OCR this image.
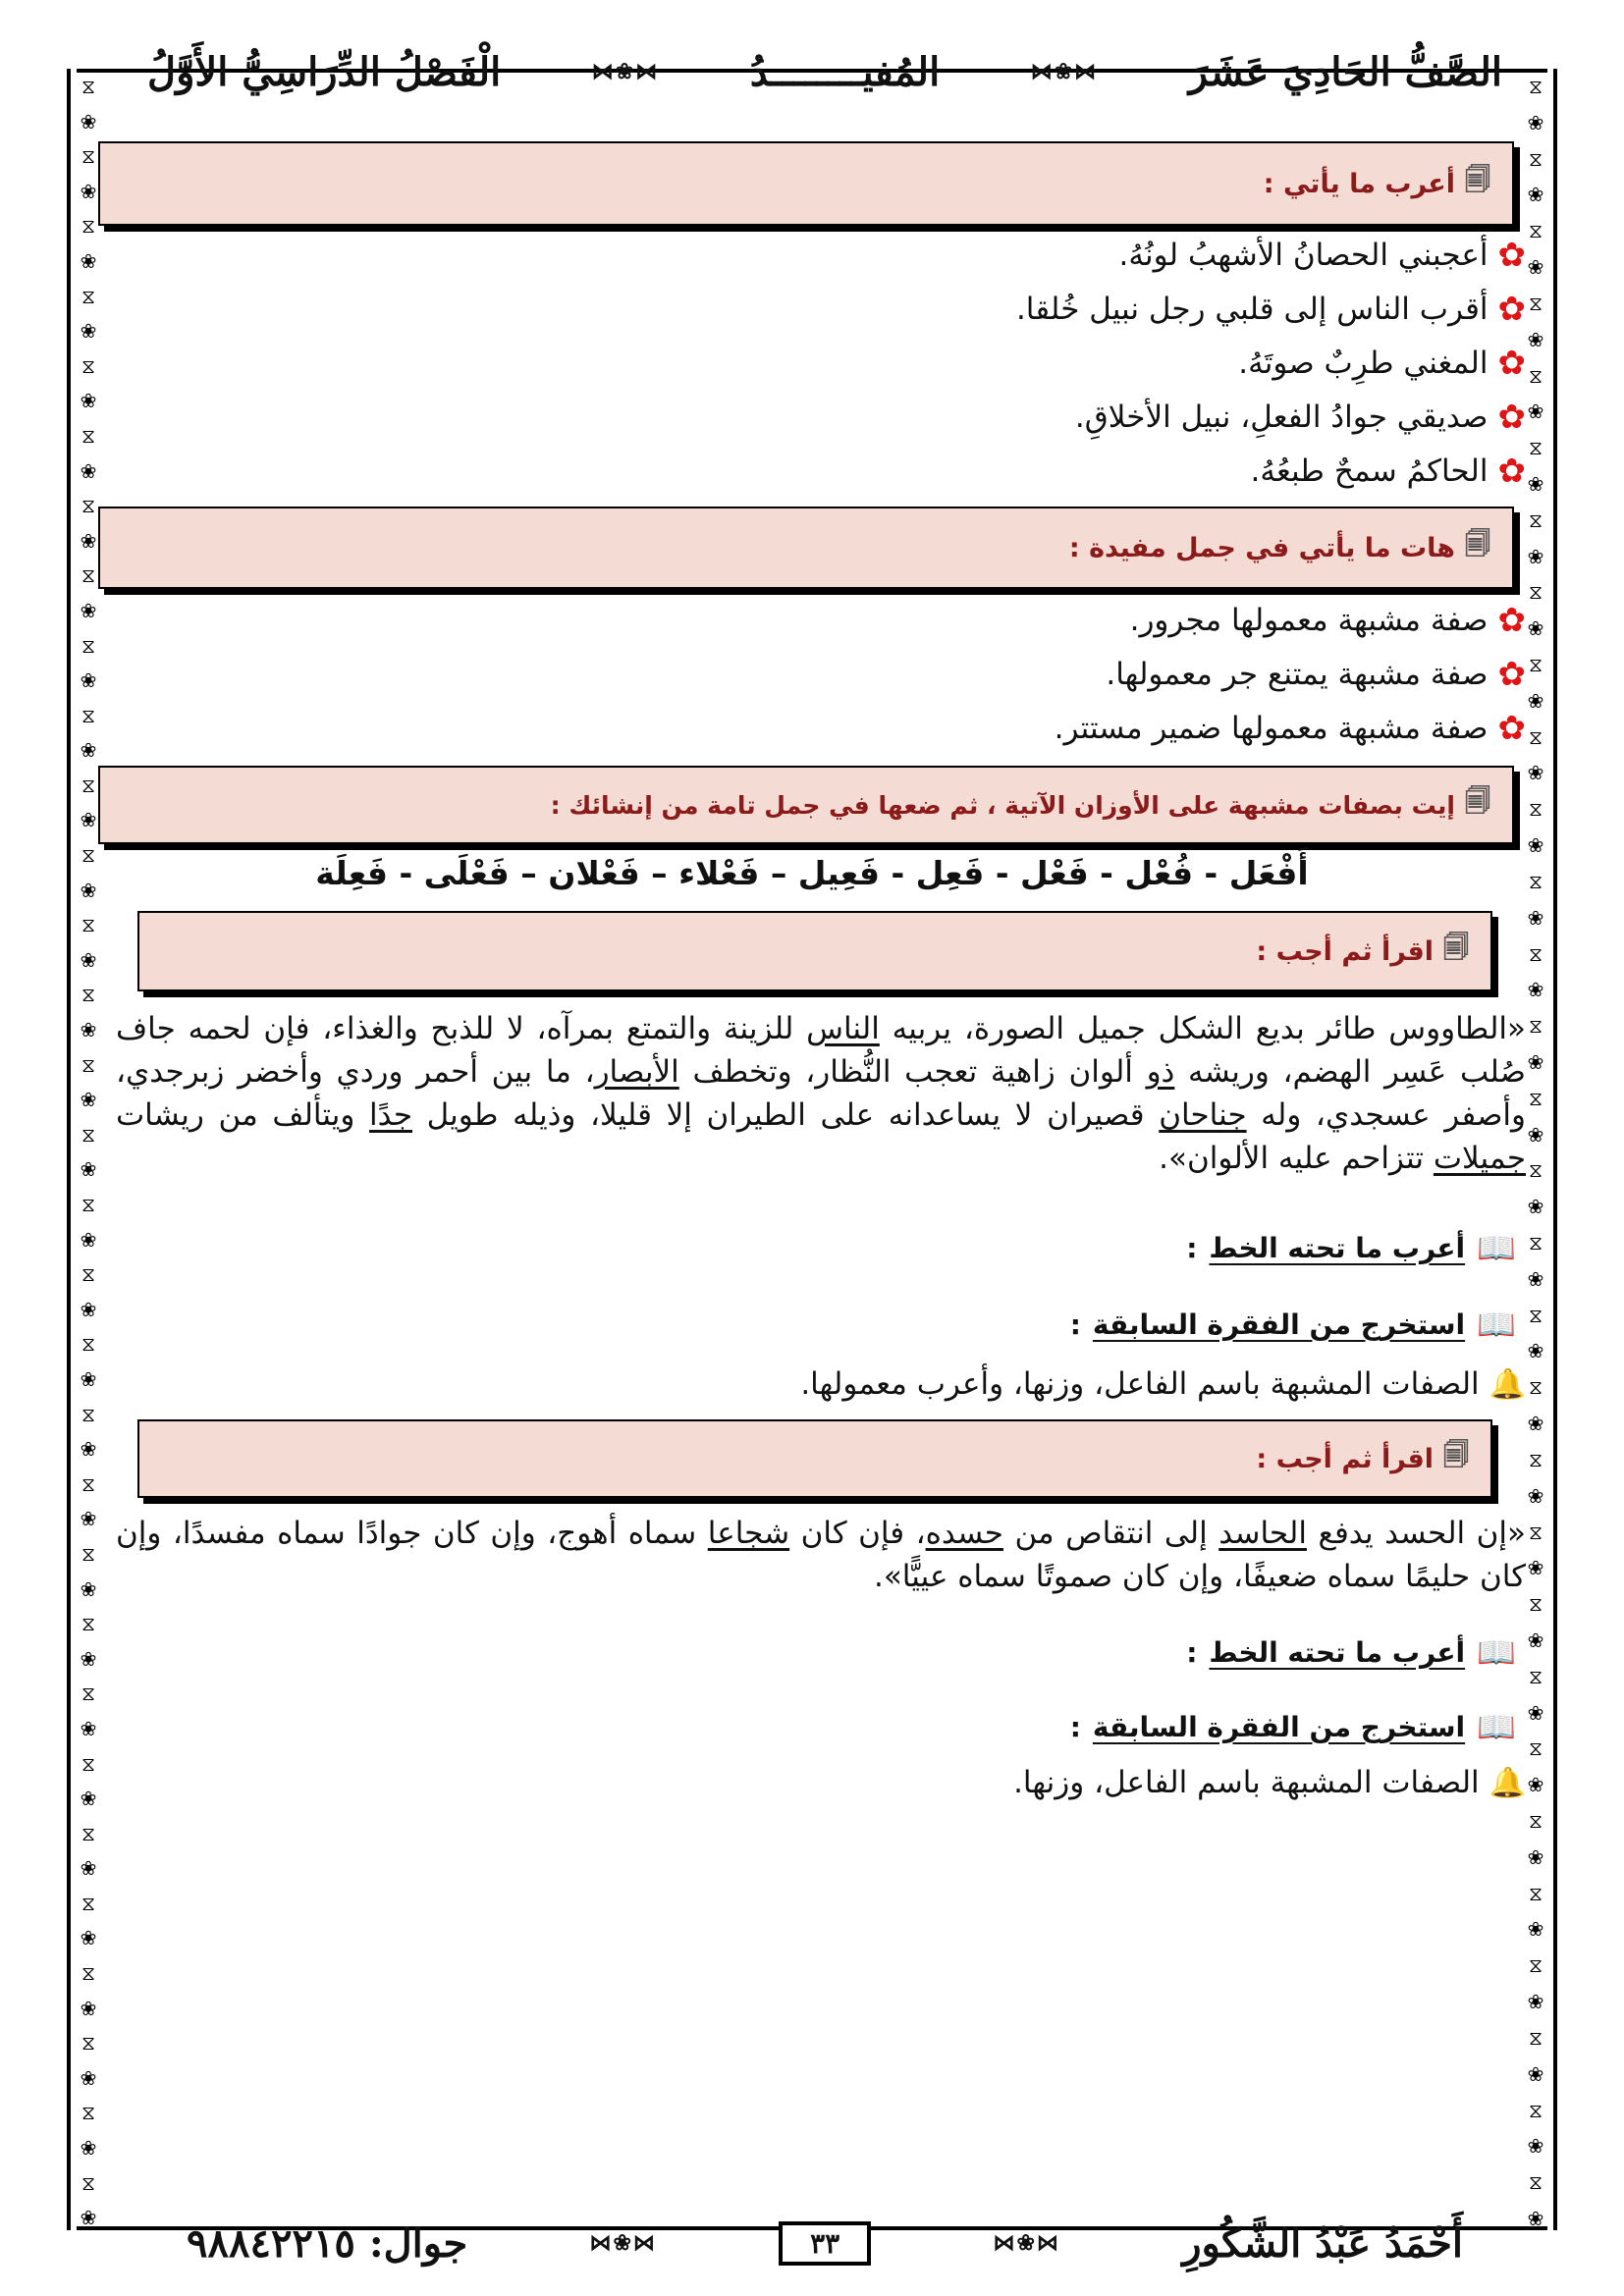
⧖
❀
⧖
❀
⧖
❀
⧖
❀
⧖
❀
⧖
❀
⧖
❀
⧖
❀
⧖
❀
⧖
❀
⧖
❀
⧖
❀
⧖
❀
⧖
❀
⧖
❀
⧖
❀
⧖
❀
⧖
❀
⧖
❀
⧖
❀
⧖
❀
⧖
❀
⧖
❀
⧖
❀
⧖
❀
⧖
❀
⧖
❀
⧖
❀
⧖
❀
⧖
❀
⧖
❀
⧖
❀
⧖
❀
⧖
❀
⧖
❀
⧖
❀
⧖
❀
⧖
❀
⧖
❀
⧖
❀
⧖
❀
⧖
❀
⧖
❀
⧖
❀
⧖
❀
⧖
❀
⧖
❀
⧖
❀
⧖
❀
⧖
❀
⧖
❀
⧖
❀
⧖
❀
⧖
❀
⧖
❀
⧖
❀
⧖
❀
⧖
❀
⧖
❀
⧖
❀
⧖
❀
الصَّفُّ الحَادِيَ عَشَرَ
⋈❀⋈
المُفيــــــــدُ
⋈❀⋈
الْفَصْلُ الدِّرَاسِيُّ الأَوَّلُ
🗐
أعرب ما يأتي :
✿
أعجبني الحصانُ الأشهبُ لونُهُ.
✿
أقرب الناس إلى قلبي رجل نبيل خُلقا.
✿
المغني طرِبٌ صوتَهُ.
✿
صديقي جوادُ الفعلِ، نبيل الأخلاقِ.
✿
الحاكمُ سمحٌ طبعُهُ.
🗐
هات ما يأتي في جمل مفيدة :
✿
صفة مشبهة معمولها مجرور.
✿
صفة مشبهة يمتنع جر معمولها.
✿
صفة مشبهة معمولها ضمير مستتر.
🗐
إيت بصفات مشبهة على الأوزان الآتية ، ثم ضعها في جمل تامة من إنشائك :
أَفْعَل - فُعْل - فَعْل - فَعِل - فَعِيل – فَعْلاء – فَعْلان – فَعْلَى - فَعِلَة
🗐
اقرأ ثم أجب :
«الطاووس طائر بديع الشكل جميل الصورة، يربيه الناس للزينة والتمتع بمرآه، لا للذبح والغذاء، فإن لحمه جاف صُلب عَسِر الهضم، وريشه ذو ألوان زاهية تعجب النُّظار، وتخطف الأبصار، ما بين أحمر وردي وأخضر زبرجدي، وأصفر عسجدي، وله جناحان قصيران لا يساعدانه على الطيران إلا قليلا، وذيله طويل جدًا ويتألف من ريشات جميلات تتزاحم عليه الألوان».
📖
أعرب ما تحته الخط
:
📖
استخرج من الفقرة السابقة
:
🔔
الصفات المشبهة باسم الفاعل، وزنها، وأعرب معمولها.
🗐
اقرأ ثم أجب :
«إن الحسد يدفع الحاسد إلى انتقاص من حسده، فإن كان شجاعا سماه أهوج، وإن كان جوادًا سماه مفسدًا، وإن كان حليمًا سماه ضعيفًا، وإن كان صموتًا سماه عييًّا».
📖
أعرب ما تحته الخط
:
📖
استخرج من الفقرة السابقة
:
🔔
الصفات المشبهة باسم الفاعل، وزنها.
أَحْمَدُ عَبْدُ الشَّكُورِ
⋈❀⋈
٣٣
⋈❀⋈
جوال: ٩٨٨٤٢٢١٥
